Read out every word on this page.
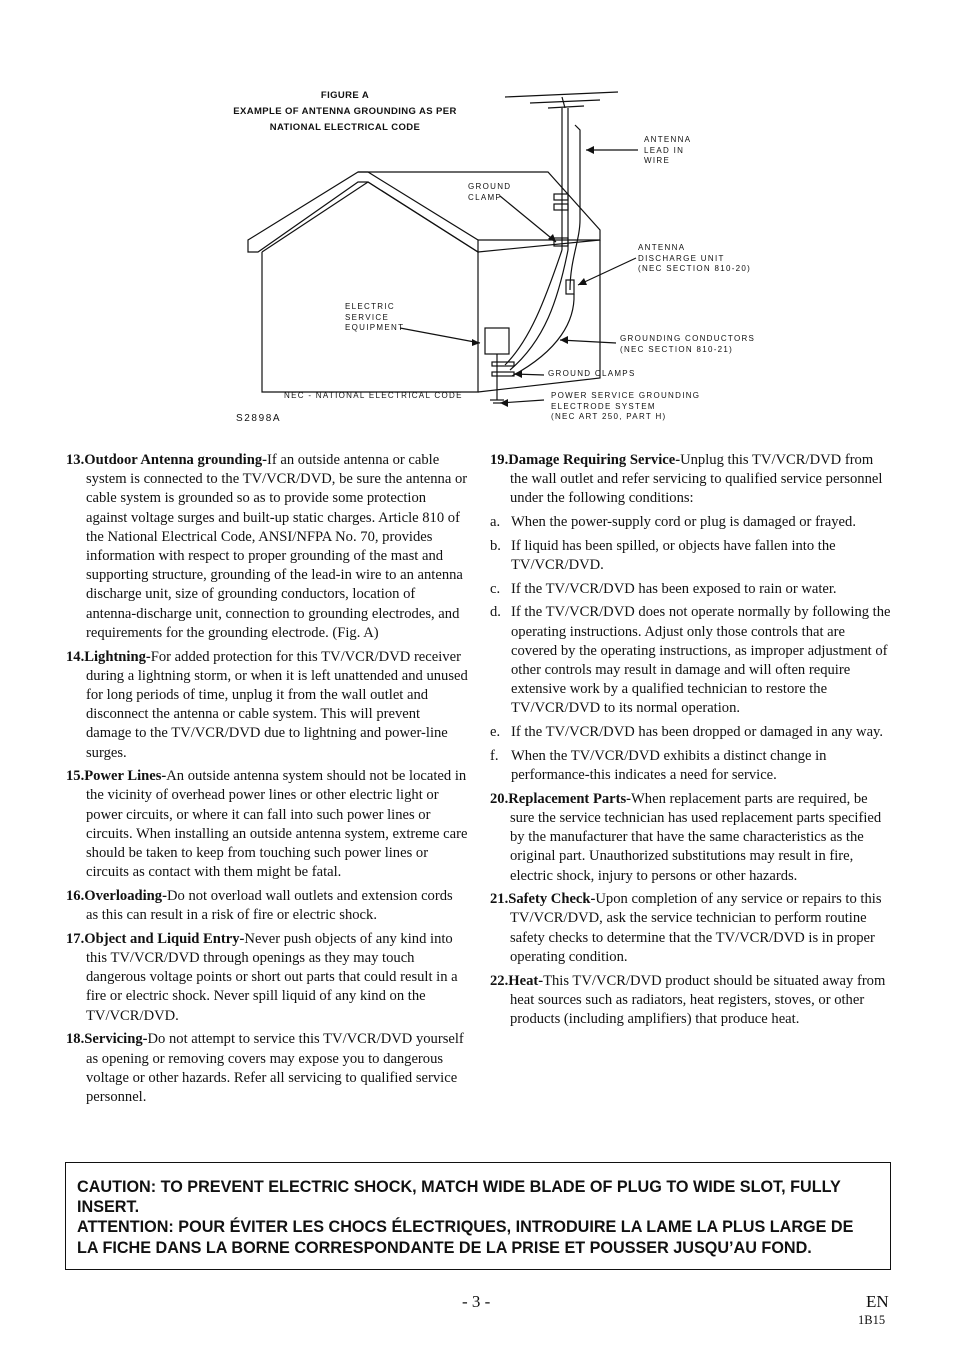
FIGURE A
EXAMPLE OF ANTENNA GROUNDING AS PER
NATIONAL ELECTRICAL CODE
ANTENNA
LEAD IN
WIRE
GROUND
CLAMP
ANTENNA
DISCHARGE UNIT
(NEC SECTION 810-20)
ELECTRIC
SERVICE
EQUIPMENT
GROUNDING CONDUCTORS
(NEC SECTION 810-21)
GROUND CLAMPS
NEC - NATIONAL ELECTRICAL CODE	POWER SERVICE GROUNDING
ELECTRODE SYSTEM
(NEC ART 250, PART H)
S2898A

13.Outdoor Antenna grounding-If an outside antenna or cable system is connected to the TV/VCR/DVD, be sure the antenna or cable system is grounded so as to provide some protection against voltage surges and built-up static charges. Article 810 of the National Electrical Code, ANSI/NFPA No. 70, provides information with respect to proper grounding of the mast and supporting structure, grounding of the lead-in wire to an antenna discharge unit, size of grounding conductors, location of antenna-discharge unit, connection to grounding electrodes, and requirements for the grounding electrode. (Fig. A)

14.Lightning-For added protection for this TV/VCR/DVD receiver during a lightning storm, or when it is left unattended and unused for long periods of time, unplug it from the wall outlet and disconnect the antenna or cable system. This will prevent damage to the TV/VCR/DVD due to lightning and power-line surges.

15.Power Lines-An outside antenna system should not be located in the vicinity of overhead power lines or other electric light or power circuits, or where it can fall into such power lines or circuits. When installing an outside antenna system, extreme care should be taken to keep from touching such power lines or circuits as contact with them might be fatal.

16.Overloading-Do not overload wall outlets and extension cords as this can result in a risk of fire or electric shock.

17.Object and Liquid Entry-Never push objects of any kind into this TV/VCR/DVD through openings as they may touch dangerous voltage points or short out parts that could result in a fire or electric shock. Never spill liquid of any kind on the TV/VCR/DVD.

18.Servicing-Do not attempt to service this TV/VCR/DVD yourself as opening or removing covers may expose you to dangerous voltage or other hazards. Refer all servicing to qualified service personnel.

19.Damage Requiring Service-Unplug this TV/VCR/DVD from the wall outlet and refer servicing to qualified service personnel under the following conditions:

a. When the power-supply cord or plug is damaged or frayed.

b. If liquid has been spilled, or objects have fallen into the TV/VCR/DVD.

c. If the TV/VCR/DVD has been exposed to rain or water.

d. If the TV/VCR/DVD does not operate normally by following the operating instructions. Adjust only those controls that are covered by the operating instructions, as improper adjustment of other controls may result in damage and will often require extensive work by a qualified technician to restore the TV/VCR/DVD to its normal operation.

e. If the TV/VCR/DVD has been dropped or damaged in any way.

f. When the TV/VCR/DVD exhibits a distinct change in performance-this indicates a need for service.

20.Replacement Parts-When replacement parts are required, be sure the service technician has used replacement parts specified by the manufacturer that have the same characteristics as the original part. Unauthorized substitutions may result in fire, electric shock, injury to persons or other hazards.

21.Safety Check-Upon completion of any service or repairs to this TV/VCR/DVD, ask the service technician to perform routine safety checks to determine that the TV/VCR/DVD is in proper operating condition.

22.Heat-This TV/VCR/DVD product should be situated away from heat sources such as radiators, heat registers, stoves, or other products (including amplifiers) that produce heat.

CAUTION: TO PREVENT ELECTRIC SHOCK, MATCH WIDE BLADE OF PLUG TO WIDE SLOT, FULLY INSERT.

ATTENTION: POUR ÉVITER LES CHOCS ÉLECTRIQUES, INTRODUIRE LA LAME LA PLUS LARGE DE LA FICHE DANS LA BORNE CORRESPONDANTE DE LA PRISE ET POUSSER JUSQU’AU FOND.

- 3 -	EN
1B15
